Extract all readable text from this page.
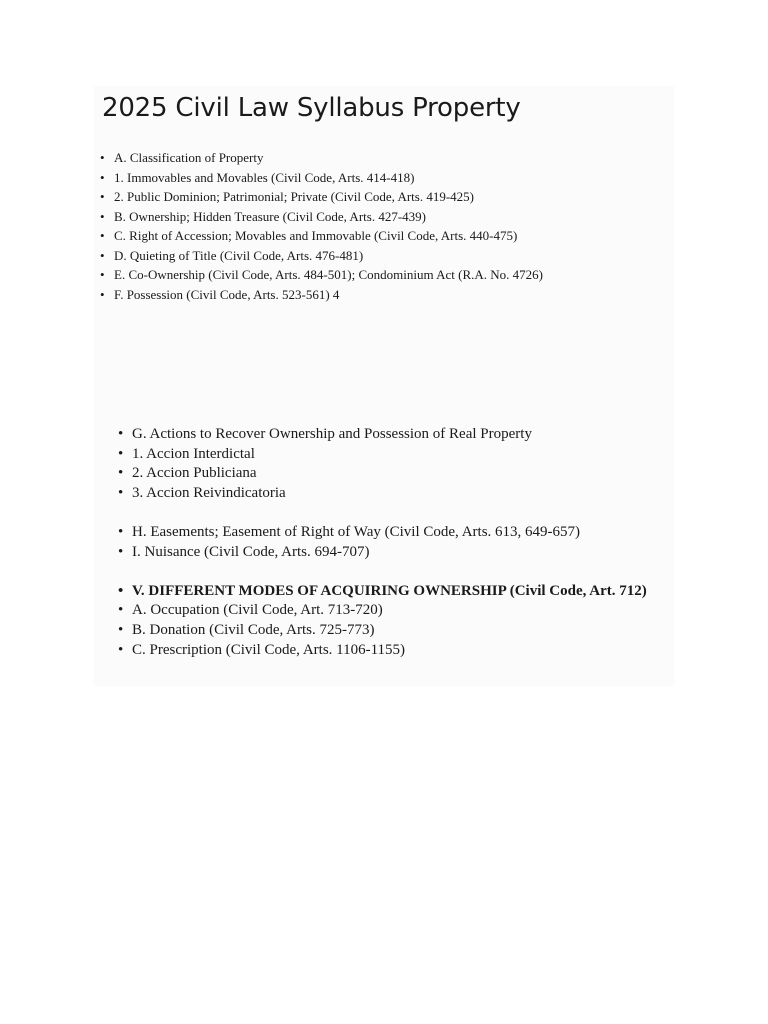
2025 Civil Law Syllabus Property
• A. Classification of Property
• 1. Immovables and Movables (Civil Code, Arts. 414-418)
• 2. Public Dominion; Patrimonial; Private (Civil Code, Arts. 419-425)
• B. Ownership; Hidden Treasure (Civil Code, Arts. 427-439)
• C. Right of Accession; Movables and Immovable (Civil Code, Arts. 440-475)
• D. Quieting of Title (Civil Code, Arts. 476-481)
• E. Co-Ownership (Civil Code, Arts. 484-501); Condominium Act (R.A. No. 4726)
• F. Possession (Civil Code, Arts. 523-561) 4
• G. Actions to Recover Ownership and Possession of Real Property
• 1. Accion Interdictal
• 2. Accion Publiciana
• 3. Accion Reivindicatoria
• H. Easements; Easement of Right of Way (Civil Code, Arts. 613, 649-657)
• I. Nuisance (Civil Code, Arts. 694-707)
• V. DIFFERENT MODES OF ACQUIRING OWNERSHIP (Civil Code, Art. 712)
• A. Occupation (Civil Code, Art. 713-720)
• B. Donation (Civil Code, Arts. 725-773)
• C. Prescription (Civil Code, Arts. 1106-1155)
